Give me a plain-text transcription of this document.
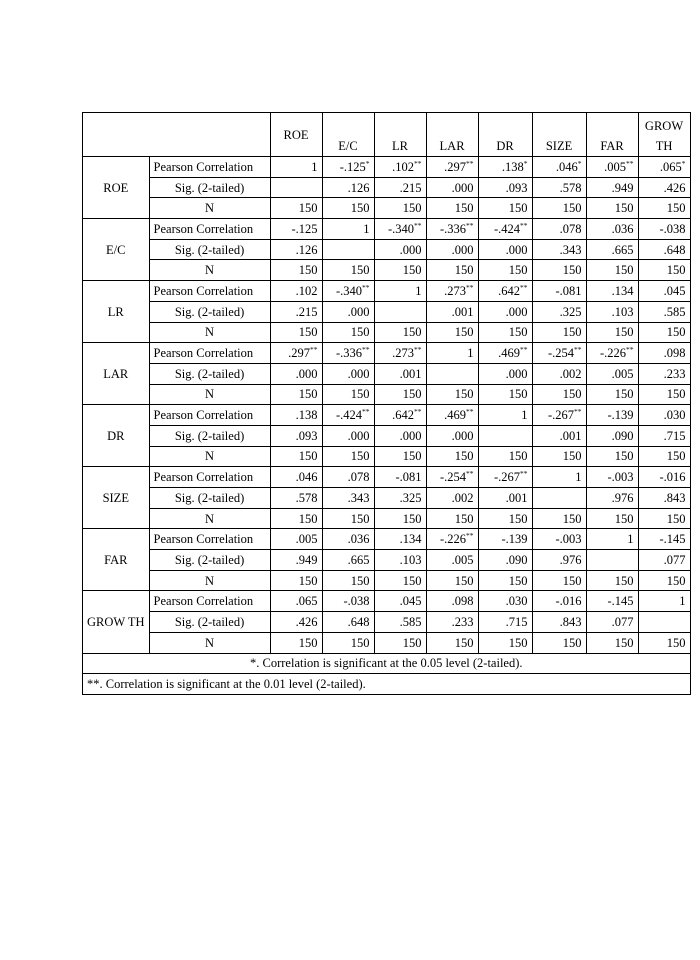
		ROE	E/C	LR	LAR	DR	SIZE	FAR	GROW TH
ROE	Pearson Correlation	1	-.125*	.102**	.297**	.138*	.046*	.005**	.065*
	Sig. (2-tailed)		.126	.215	.000	.093	.578	.949	.426
	N	150	150	150	150	150	150	150	150
E/C	Pearson Correlation	-.125	1	-.340**	-.336**	-.424**	.078	.036	-.038
	Sig. (2-tailed)	.126		.000	.000	.000	.343	.665	.648
	N	150	150	150	150	150	150	150	150
LR	Pearson Correlation	.102	-.340**	1	.273**	.642**	-.081	.134	.045
	Sig. (2-tailed)	.215	.000		.001	.000	.325	.103	.585
	N	150	150	150	150	150	150	150	150
LAR	Pearson Correlation	.297**	-.336**	.273**	1	.469**	-.254**	-.226**	.098
	Sig. (2-tailed)	.000	.000	.001		.000	.002	.005	.233
	N	150	150	150	150	150	150	150	150
DR	Pearson Correlation	.138	-.424**	.642**	.469**	1	-.267**	-.139	.030
	Sig. (2-tailed)	.093	.000	.000	.000		.001	.090	.715
	N	150	150	150	150	150	150	150	150
SIZE	Pearson Correlation	.046	.078	-.081	-.254**	-.267**	1	-.003	-.016
	Sig. (2-tailed)	.578	.343	.325	.002	.001		.976	.843
	N	150	150	150	150	150	150	150	150
FAR	Pearson Correlation	.005	.036	.134	-.226**	-.139	-.003	1	-.145
	Sig. (2-tailed)	.949	.665	.103	.005	.090	.976		.077
	N	150	150	150	150	150	150	150	150
GROW TH	Pearson Correlation	.065	-.038	.045	.098	.030	-.016	-.145	1
	Sig. (2-tailed)	.426	.648	.585	.233	.715	.843	.077	
	N	150	150	150	150	150	150	150	150
*. Correlation is significant at the 0.05 level (2-tailed).									
**. Correlation is significant at the 0.01 level (2-tailed).									
